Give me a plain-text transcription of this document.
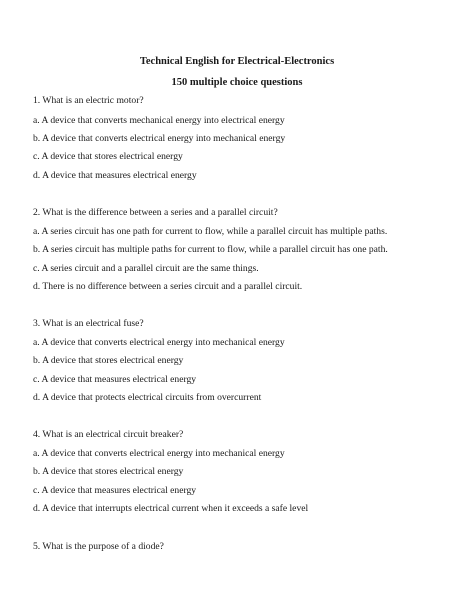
Technical English for Electrical-Electronics

150 multiple choice questions

1. What is an electric motor?

a. A device that converts mechanical energy into electrical energy

b. A device that converts electrical energy into mechanical energy

c. A device that stores electrical energy

d. A device that measures electrical energy

2. What is the difference between a series and a parallel circuit?

a. A series circuit has one path for current to flow, while a parallel circuit has multiple paths.

b. A series circuit has multiple paths for current to flow, while a parallel circuit has one path.

c. A series circuit and a parallel circuit are the same things.

d. There is no difference between a series circuit and a parallel circuit.

3. What is an electrical fuse?

a. A device that converts electrical energy into mechanical energy

b. A device that stores electrical energy

c. A device that measures electrical energy

d. A device that protects electrical circuits from overcurrent

4. What is an electrical circuit breaker?

a. A device that converts electrical energy into mechanical energy

b. A device that stores electrical energy

c. A device that measures electrical energy

d. A device that interrupts electrical current when it exceeds a safe level

5. What is the purpose of a diode?
